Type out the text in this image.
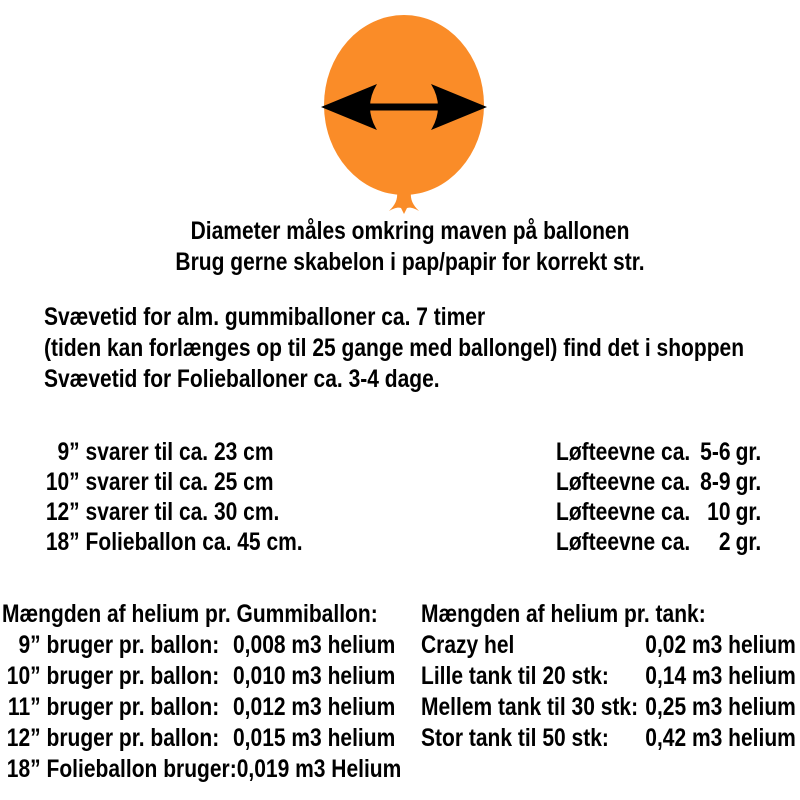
Diameter måles omkring maven på ballonen
Brug gerne skabelon i pap/papir for korrekt str.
Svævetid for alm. gummiballoner ca. 7 timer
(tiden kan forlænges op til 25 gange med ballongel) find det i shoppen
Svævetid for Folieballoner ca. 3-4 dage.
9” svarer til ca. 23 cm
10” svarer til ca. 25 cm
12” svarer til ca. 30 cm.
18” Folieballon ca. 45 cm.
Løfteevne ca. 5-6 gr.
Løfteevne ca. 8-9 gr.
Løfteevne ca. 10 gr.
Løfteevne ca.	2 gr.
Mængden af helium pr. Gummiballon:
9” bruger pr. ballon: 0,008 m3 helium
10” bruger pr. ballon: 0,010 m3 helium
11” bruger pr. ballon: 0,012 m3 helium
12” bruger pr. ballon: 0,015 m3 helium
18” Folieballon bruger: 0,019 m3 Helium
Mængden af helium pr. tank:
Crazy hel	0,02 m3 helium
Lille tank til 20 stk: 0,14 m3 helium
Mellem tank til 30 stk: 0,25 m3 helium
Stor tank til 50 stk: 0,42 m3 helium
